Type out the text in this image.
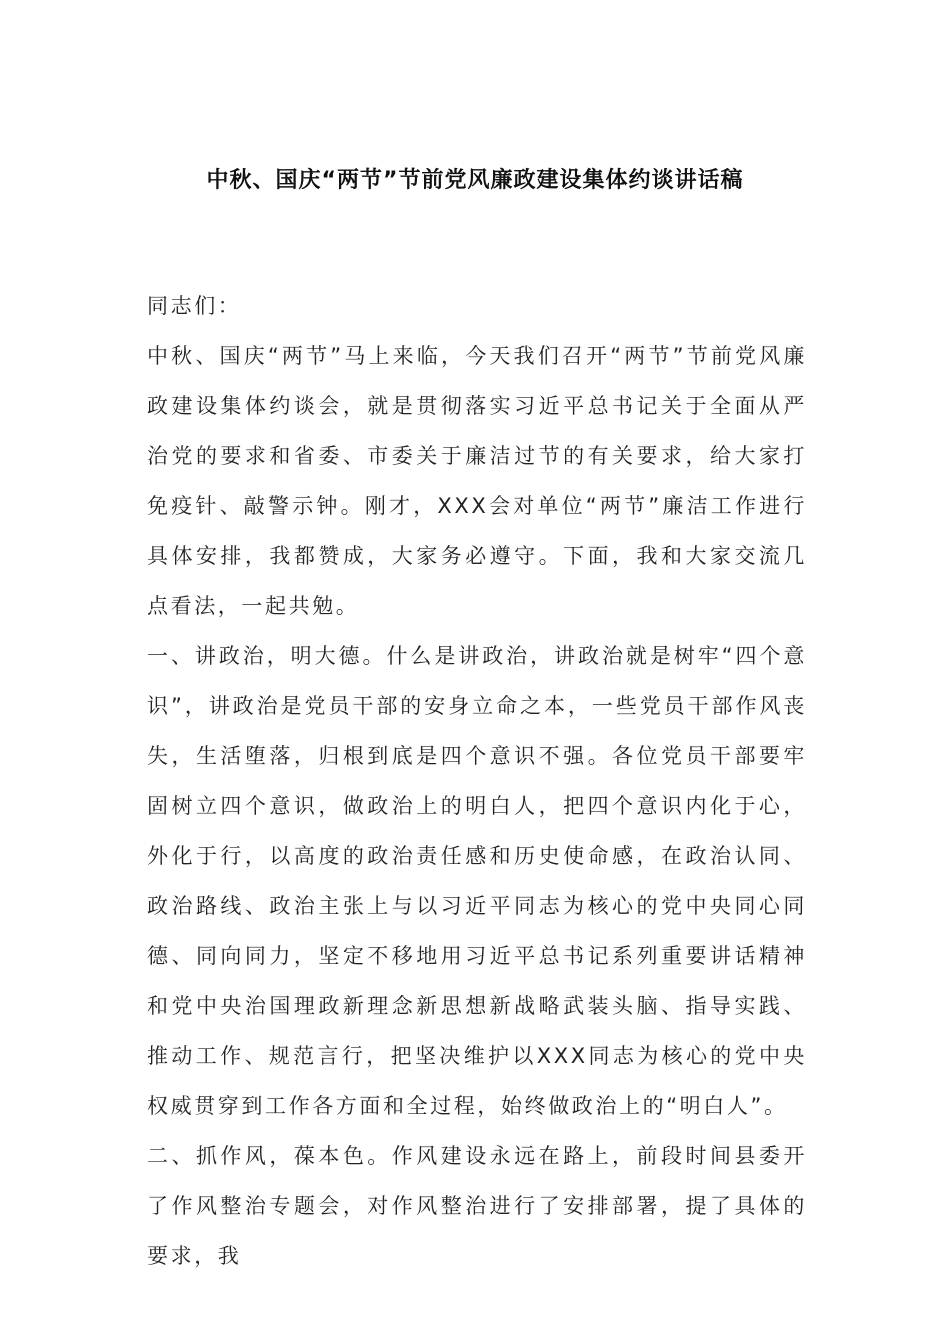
中秋、国庆“两节”节前党风廉政建设集体约谈讲话稿

同志们：

中秋、国庆“两节”马上来临，今天我们召开“两节”节前党风廉政建设集体约谈会，就是贯彻落实习近平总书记关于全面从严治党的要求和省委、市委关于廉洁过节的有关要求，给大家打免疫针、敲警示钟。刚才，XXX会对单位“两节”廉洁工作进行具体安排，我都赞成，大家务必遵守。下面，我和大家交流几点看法，一起共勉。

一、讲政治，明大德。什么是讲政治，讲政治就是树牢“四个意识”，讲政治是党员干部的安身立命之本，一些党员干部作风丧失，生活堕落，归根到底是四个意识不强。各位党员干部要牢固树立四个意识，做政治上的明白人，把四个意识内化于心，外化于行，以高度的政治责任感和历史使命感，在政治认同、政治路线、政治主张上与以习近平同志为核心的党中央同心同德、同向同力，坚定不移地用习近平总书记系列重要讲话精神和党中央治国理政新理念新思想新战略武装头脑、指导实践、推动工作、规范言行，把坚决维护以XXX同志为核心的党中央权威贯穿到工作各方面和全过程，始终做政治上的“明白人”。

二、抓作风，葆本色。作风建设永远在路上，前段时间县委开了作风整治专题会，对作风整治进行了安排部署，提了具体的要求，我
